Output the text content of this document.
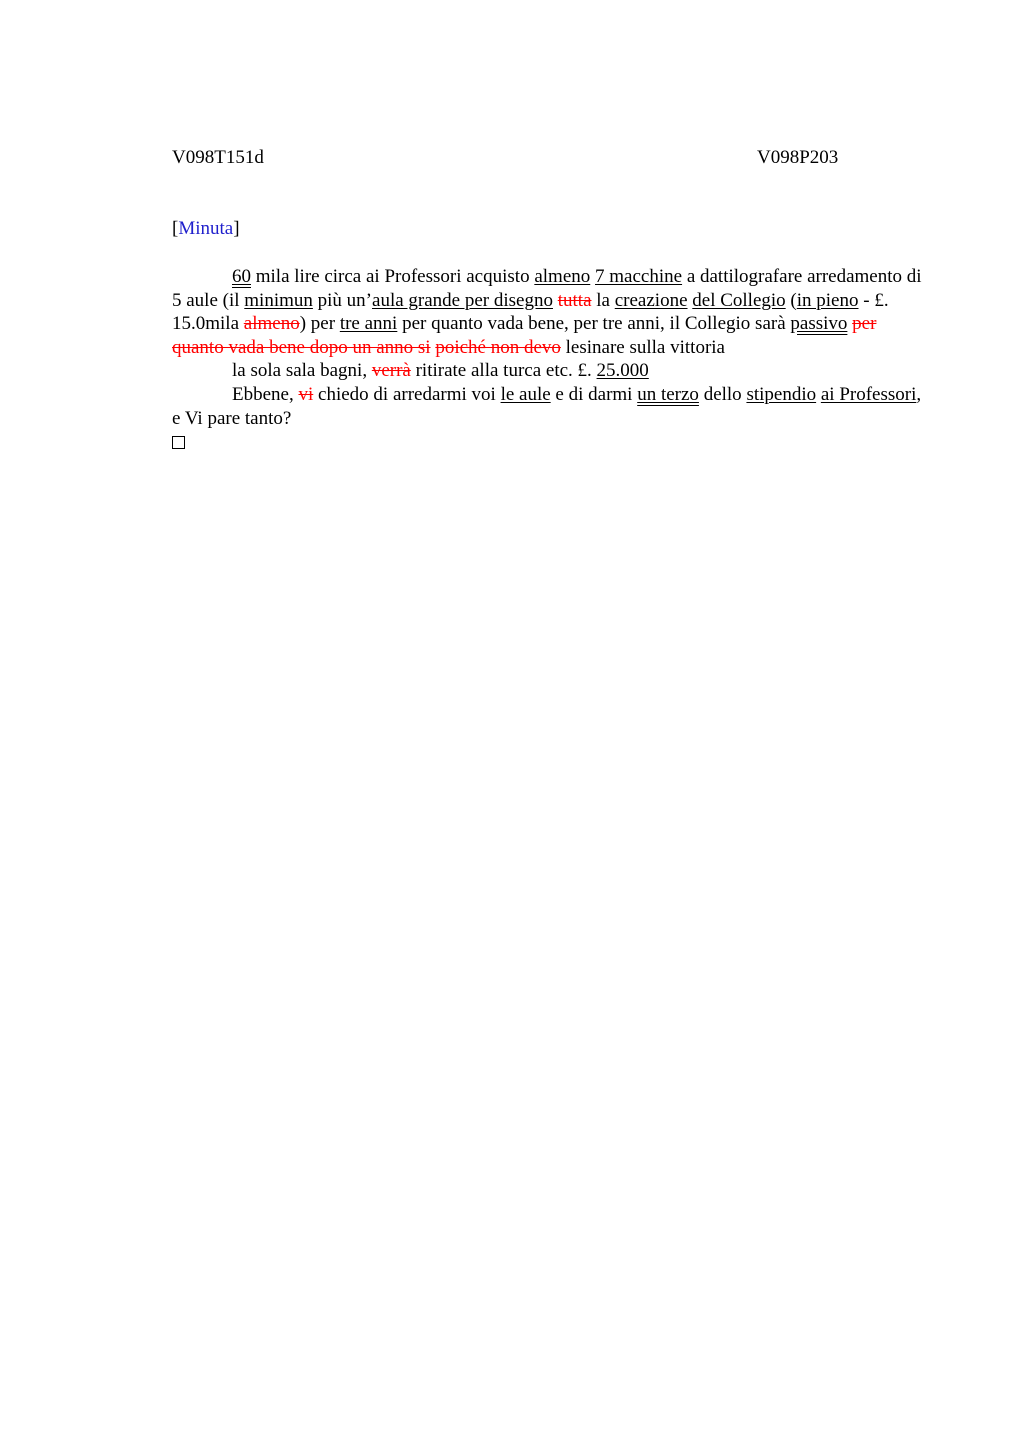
V098T151d	V098P203
[Minuta]

60 mila lire circa ai Professori acquisto almeno 7 macchine a dattilografare arredamento di 5 aule (il minimun più un’aula grande per disegno tutta la creazione del Collegio (in pieno - £. 15.0mila almeno) per tre anni per quanto vada bene, per tre anni, il Collegio sarà passivo per quanto vada bene dopo un anno si poiché non devo lesinare sulla vittoria

la sola sala bagni, verrà ritirate alla turca etc. £. 25.000

Ebbene, vi chiedo di arredarmi voi le aule e di darmi un terzo dello stipendio ai Professori, e Vi pare tanto?
